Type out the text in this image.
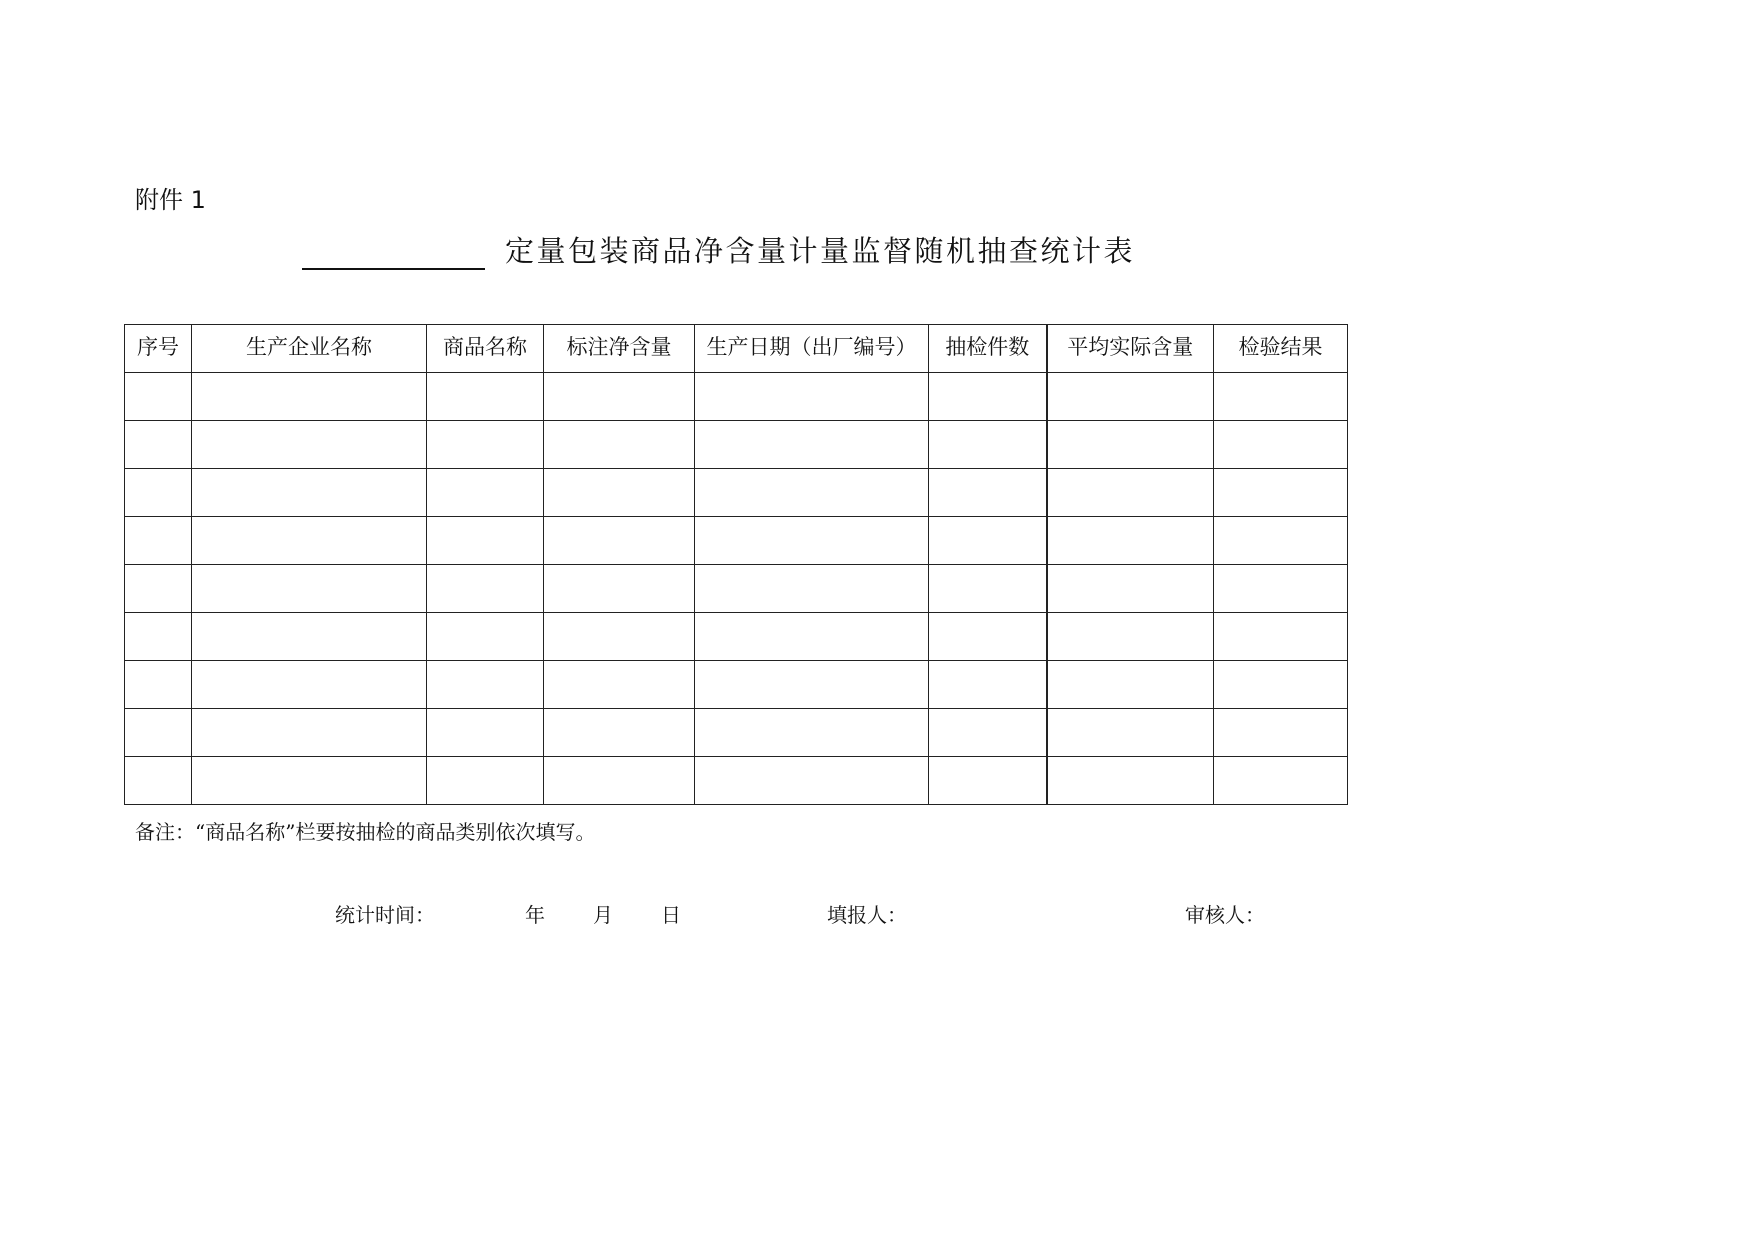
附件 1
定量包装商品净含量计量监督随机抽查统计表
序号	生产企业名称	商品名称	标注净含量	生产日期（出厂编号）	抽检件数	平均实际含量	检验结果

备注：“商品名称”栏要按抽检的商品类别依次填写。
统计时间：	年 月 日	填报人：	审核人：
